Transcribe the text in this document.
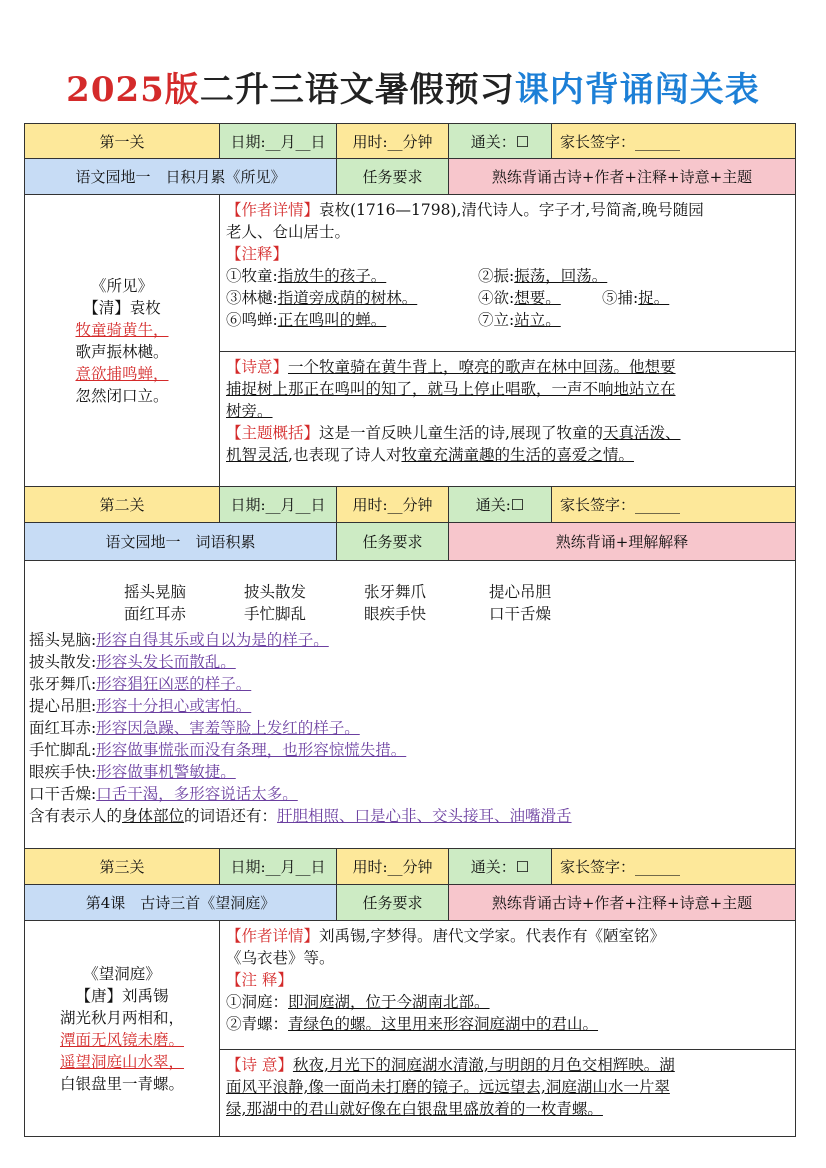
2025版二升三语文暑假预习课内背诵闯关表
第一关	日期:__月__日	用时:__分钟	通关：☐	家长签字：______
语文园地一　日积月累《所见》	任务要求	熟练背诵古诗+作者+注释+诗意+主题
《所见》
【清】袁枚
牧童骑黄牛，
歌声振林樾。
意欲捕鸣蝉，
忽然闭口立。
【作者详情】袁枚(1716—1798),清代诗人。字子才,号简斋,晚号随园
老人、仓山居士。
【注释】
①牧童:指放牛的孩子。	②振:振荡，回荡。
③林樾:指道旁成荫的树林。	④欲:想要。	⑤捕:捉。
⑥鸣蝉:正在鸣叫的蝉。	⑦立:站立。
【诗意】一个牧童骑在黄牛背上，嘹亮的歌声在林中回荡。他想要
捕捉树上那正在鸣叫的知了，就马上停止唱歌，一声不响地站立在
树旁。
【主题概括】这是一首反映儿童生活的诗,展现了牧童的天真活泼、
机智灵活,也表现了诗人对牧童充满童趣的生活的喜爱之情。
第二关	日期:__月__日	用时:__分钟	通关:☐	家长签字：______
语文园地一　词语积累	任务要求	熟练背诵+理解解释
摇头晃脑	披头散发	张牙舞爪	提心吊胆
面红耳赤	手忙脚乱	眼疾手快	口干舌燥
摇头晃脑:形容自得其乐或自以为是的样子。
披头散发:形容头发长而散乱。
张牙舞爪:形容猖狂凶恶的样子。
提心吊胆:形容十分担心或害怕。
面红耳赤:形容因急躁、害羞等脸上发红的样子。
手忙脚乱:形容做事慌张而没有条理，也形容惊慌失措。
眼疾手快:形容做事机警敏捷。
口干舌燥:口舌干渴，多形容说话太多。
含有表示人的身体部位的词语还有：肝胆相照、口是心非、交头接耳、油嘴滑舌
第三关	日期:__月__日	用时:__分钟	通关：☐	家长签字：______
第4课　古诗三首《望洞庭》	任务要求	熟练背诵古诗+作者+注释+诗意+主题
《望洞庭》
【唐】刘禹锡
湖光秋月两相和，
潭面无风镜未磨。
遥望洞庭山水翠，
白银盘里一青螺。
【作者详情】刘禹锡,字梦得。唐代文学家。代表作有《陋室铭》
《乌衣巷》等。
【注 释】
①洞庭：即洞庭湖，位于今湖南北部。
②青螺：青绿色的螺。这里用来形容洞庭湖中的君山。
【诗 意】秋夜,月光下的洞庭湖水清澈,与明朗的月色交相辉映。湖
面风平浪静,像一面尚未打磨的镜子。远远望去,洞庭湖山水一片翠
绿,那湖中的君山就好像在白银盘里盛放着的一枚青螺。
